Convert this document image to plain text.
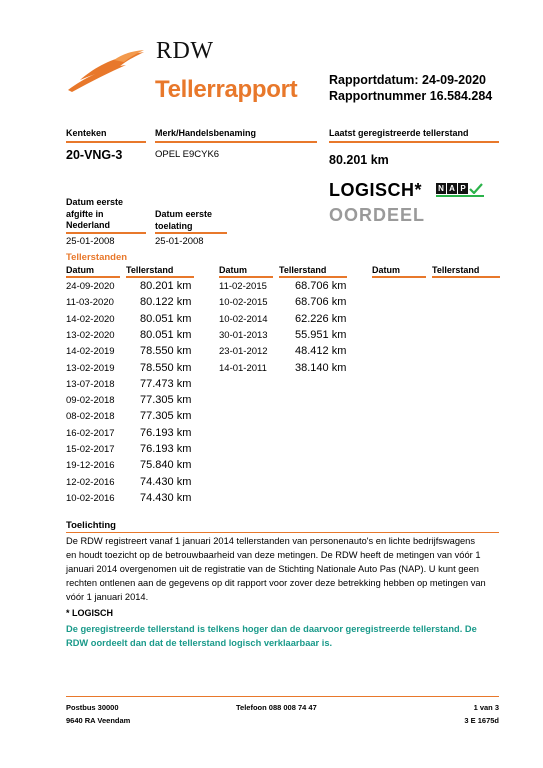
RDW
Tellerrapport	Rapportdatum: 24-09-2020
Rapportnummer 16.584.284
Kenteken
20-VNG-3
Merk/Handelsbenaming
OPEL E9CYK6
Laatst geregistreerde tellerstand
80.201 km
LOGISCH* N A P
OORDEEL
Datum eerste
afgifte in
Nederland
25-01-2008
Datum eerste
toelating
25-01-2008
Tellerstanden
Datum	Tellerstand	Datum	Tellerstand	Datum	Tellerstand
24-09-2020 80.201 km
11-03-2020 80.122 km
14-02-2020 80.051 km
13-02-2020 80.051 km
14-02-2019 78.550 km
13-02-2019 78.550 km
13-07-2018 77.473 km
09-02-2018 77.305 km
08-02-2018 77.305 km
16-02-2017 76.193 km
15-02-2017 76.193 km
19-12-2016 75.840 km
12-02-2016 74.430 km
10-02-2016 74.430 km
11-02-2015	68.706 km
10-02-2015 68.706 km
10-02-2014 62.226 km
30-01-2013 55.951 km
23-01-2012 48.412 km
14-01-2011	38.140 km
Toelichting
De RDW registreert vanaf 1 januari 2014 tellerstanden van personenauto's en lichte bedrijfswagens en houdt toezicht op de betrouwbaarheid van deze metingen. De RDW heeft de metingen van vóór 1 januari 2014 overgenomen uit de registratie van de Stichting Nationale Auto Pas (NAP). U kunt geen rechten ontlenen aan de gegevens op dit rapport voor zover deze betrekking hebben op metingen van vóór 1 januari 2014.
* LOGISCH
De geregistreerde tellerstand is telkens hoger dan de daarvoor geregistreerde tellerstand. De RDW oordeelt dan dat de tellerstand logisch verklaarbaar is.
Postbus 30000
9640 RA Veendam
Telefoon 088 008 74 47	1 van 3
3 E 1675d
